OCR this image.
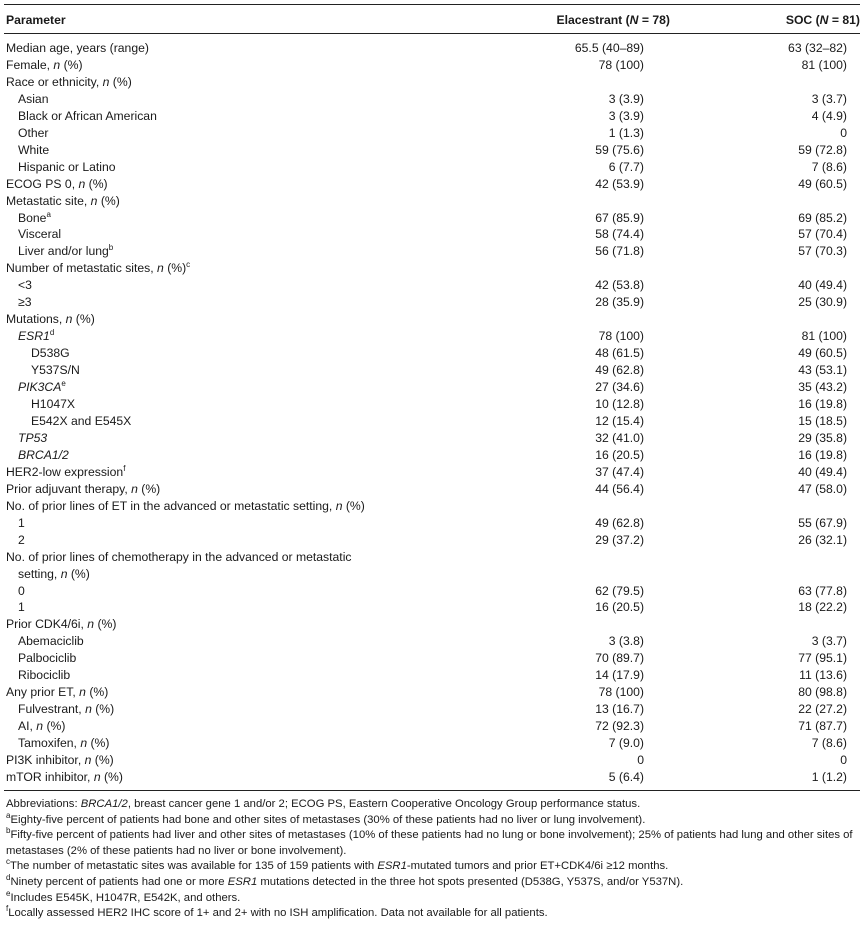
Parameter	Elacestrant (N = 78)	SOC (N = 81)

Median age, years (range)	65.5 (40–89)	63 (32–82)
Female, n (%)	78 (100)	81 (100)
Race or ethnicity, n (%)		
Asian	3 (3.9)	3 (3.7)
Black or African American	3 (3.9)	4 (4.9)
Other	1 (1.3)	0
White	59 (75.6)	59 (72.8)
Hispanic or Latino	6 (7.7)	7 (8.6)
ECOG PS 0, n (%)	42 (53.9)	49 (60.5)
Metastatic site, n (%)		
Bone$^a$	67 (85.9)	69 (85.2)
Visceral	58 (74.4)	57 (70.4)
Liver and/or lung$^b$	56 (71.8)	57 (70.3)
Number of metastatic sites, n (%)$^c$		
<3	42 (53.8)	40 (49.4)
≥3	28 (35.9)	25 (30.9)
Mutations, n (%)		
ESR1$^d$	78 (100)	81 (100)
D538G	48 (61.5)	49 (60.5)
Y537S/N	49 (62.8)	43 (53.1)
$PIK3CA^e$	27 (34.6)	35 (43.2)
H1047X	10 (12.8)	16 (19.8)
E542X and E545X	12 (15.4)	15 (18.5)
TP53	32 (41.0)	29 (35.8)
BRCA1/2	16 (20.5)	16 (19.8)
HER2-low expression$^f$	37 (47.4)	40 (49.4)
Prior adjuvant therapy, n (%)	44 (56.4)	47 (58.0)
No. of prior lines of ET in the advanced or metastatic setting, n (%)		
1	49 (62.8)	55 (67.9)
2	29 (37.2)	26 (32.1)
No. of prior lines of chemotherapy in the advanced or metastatic		
setting, n (%)		
0	62 (79.5)	63 (77.8)
1	16 (20.5)	18 (22.2)
Prior CDK4/6i, n (%)		
Abemaciclib	3 (3.8)	3 (3.7)
Palbociclib	70 (89.7)	77 (95.1)
Ribociclib	14 (17.9)	11 (13.6)
Any prior ET, n (%)	78 (100)	80 (98.8)
Fulvestrant, n (%)	13 (16.7)	22 (27.2)
AI, n (%)	72 (92.3)	71 (87.7)
Tamoxifen, n (%)	7 (9.0)	7 (8.6)
PI3K inhibitor, n (%)	0	0
mTOR inhibitor, n (%)	5 (6.4)	1 (1.2)

Abbreviations: BRCA1/2, breast cancer gene 1 and/or 2; ECOG PS, Eastern Cooperative Oncology Group performance status.

$^a$Eighty-five percent of patients had bone and other sites of metastases (30% of these patients had no liver or lung involvement).

$^b$Fifty-five percent of patients had liver and other sites of metastases (10% of these patients had no lung or bone involvement); 25% of patients had lung and other sites of metastases (2% of these patients had no liver or bone involvement).

$^c$The number of metastatic sites was available for 135 of 159 patients with ESR1-mutated tumors and prior ET+CDK4/6i ≥12 months.

$^d$Ninety percent of patients had one or more ESR1 mutations detected in the three hot spots presented (D538G, Y537S, and/or Y537N).

$^e$Includes E545K, H1047R, E542K, and others.

$^f$Locally assessed HER2 IHC score of 1+ and 2+ with no ISH amplification. Data not available for all patients.
